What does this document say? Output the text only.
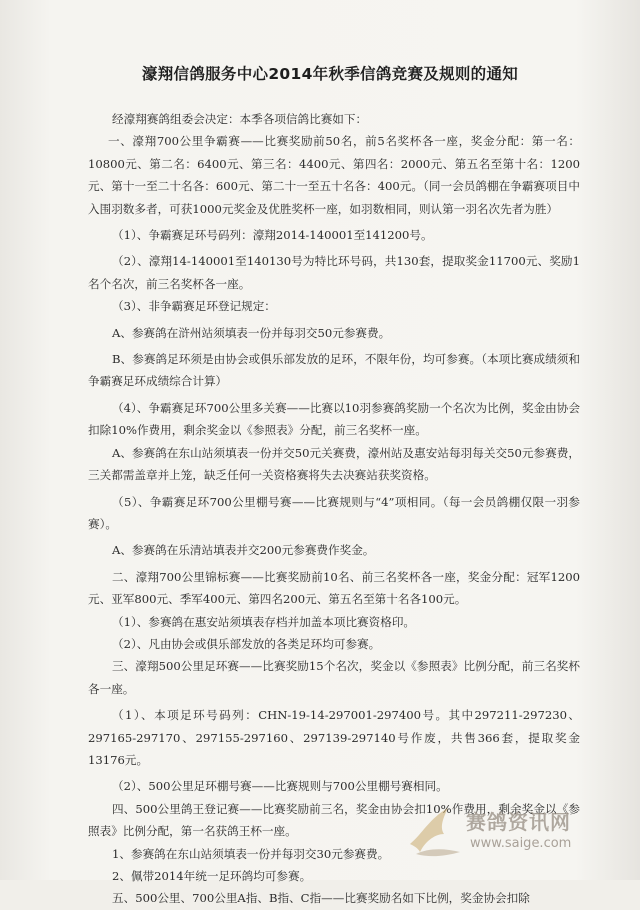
濠翔信鸽服务中心2014年秋季信鸽竞赛及规则的通知

经濠翔赛鸽组委会决定：本季各项信鸽比赛如下：

一、濠翔700公里争霸赛——比赛奖励前50名，前5名奖杯各一座，奖金分配：第一名：10800元、第二名：6400元、第三名：4400元、第四名：2000元、第五名至第十名：1200元、第十一至二十名各：600元、第二十一至五十名各：400元。（同一会员鸽棚在争霸赛项目中入围羽数多者，可获1000元奖金及优胜奖杯一座，如羽数相同，则认第一羽名次先者为胜）

（1）、争霸赛足环号码列：濠翔2014-140001至141200号。

（2）、濠翔14-140001至140130号为特比环号码，共130套，提取奖金11700元、奖励1名个名次，前三名奖杯各一座。

（3）、非争霸赛足环登记规定：

A、参赛鸽在浒州站须填表一份并每羽交50元参赛费。

B、参赛鸽足环须是由协会或俱乐部发放的足环，不限年份，均可参赛。（本项比赛成绩须和争霸赛足环成绩综合计算）

（4）、争霸赛足环700公里多关赛——比赛以10羽参赛鸽奖励一个名次为比例，奖金由协会扣除10%作费用，剩余奖金以《参照表》分配，前三名奖杯一座。

A、参赛鸽在东山站须填表一份并交50元关赛费，濠州站及惠安站每羽每关交50元参赛费，三关都需盖章并上笼，缺乏任何一关资格赛将失去决赛站获奖资格。

（5）、争霸赛足环700公里棚号赛——比赛规则与“4”项相同。（每一会员鸽棚仅限一羽参赛）。

A、参赛鸽在乐清站填表并交200元参赛费作奖金。

二、濠翔700公里锦标赛——比赛奖励前10名、前三名奖杯各一座，奖金分配：冠军1200元、亚军800元、季军400元、第四名200元、第五名至第十名各100元。

（1）、参赛鸽在惠安站须填表存档并加盖本项比赛资格印。

（2）、凡由协会或俱乐部发放的各类足环均可参赛。

三、濠翔500公里足环赛——比赛奖励15个名次，奖金以《参照表》比例分配，前三名奖杯各一座。

（1）、本项足环号码列：CHN-19-14-297001-297400号。其中297211-297230、297165-297170、297155-297160、297139-297140号作废，共售366套，提取奖金13176元。

（2）、500公里足环棚号赛——比赛规则与700公里棚号赛相同。

四、500公里鸽王登记赛——比赛奖励前三名，奖金由协会扣10%作费用，剩余奖金以《参照表》比例分配，第一名获鸽王杯一座。

1、参赛鸽在东山站须填表一份并每羽交30元参赛费。

2、佩带2014年统一足环鸽均可参赛。

五、500公里、700公里A指、B指、C指——比赛奖励名如下比例，奖金协会扣除

赛鸽资讯网
www.saige.com
